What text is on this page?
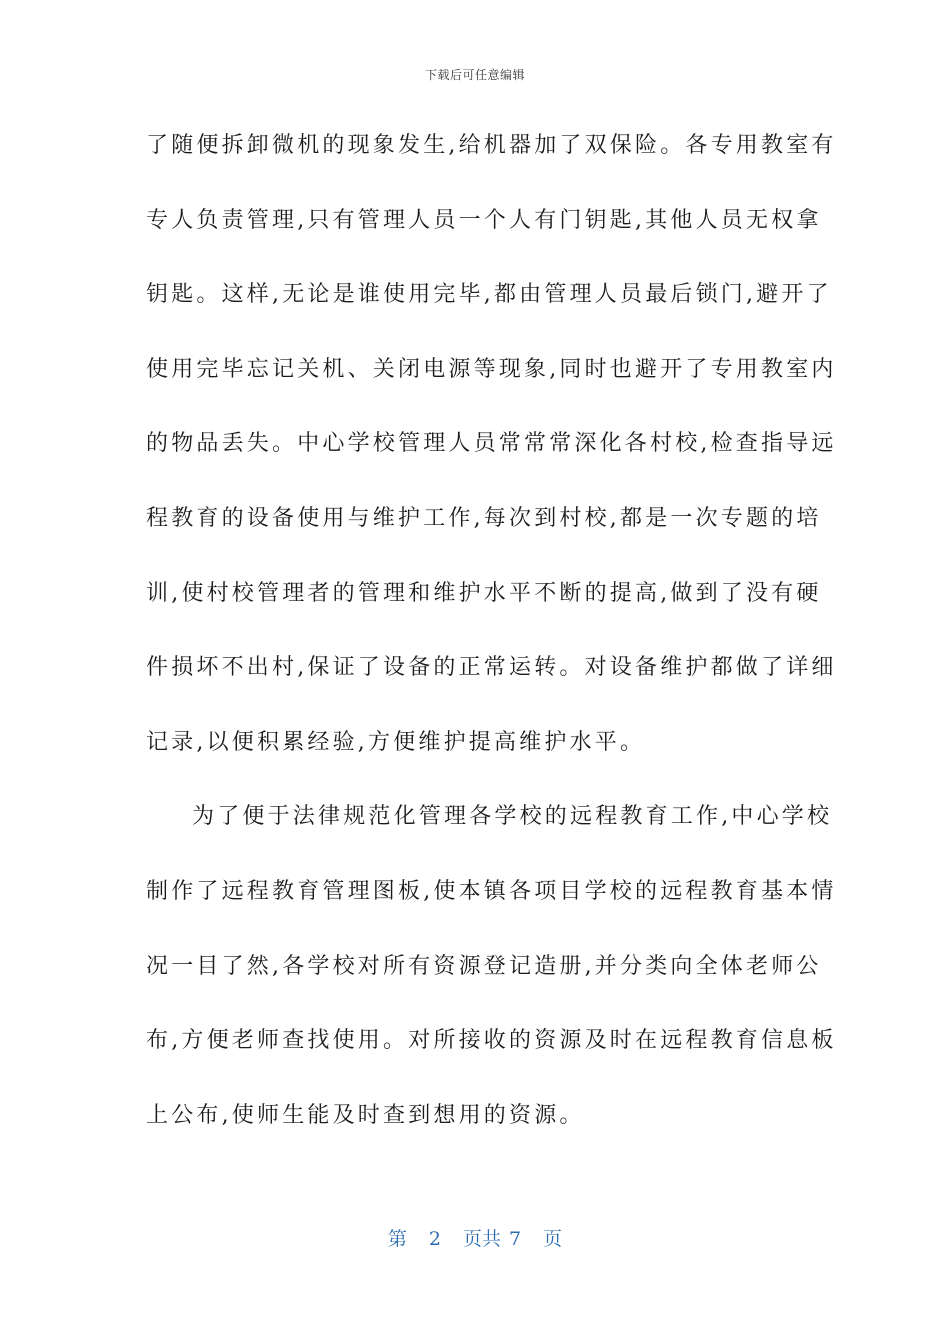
下载后可任意编辑
了随便拆卸微机的现象发生,给机器加了双保险。各专用教室有
专人负责管理,只有管理人员一个人有门钥匙,其他人员无权拿
钥匙。这样,无论是谁使用完毕,都由管理人员最后锁门,避开了
使用完毕忘记关机、关闭电源等现象,同时也避开了专用教室内
的物品丢失。中心学校管理人员常常常深化各村校,检查指导远
程教育的设备使用与维护工作,每次到村校,都是一次专题的培
训,使村校管理者的管理和维护水平不断的提高,做到了没有硬
件损坏不出村,保证了设备的正常运转。对设备维护都做了详细
记录,以便积累经验,方便维护提高维护水平。
为了便于法律规范化管理各学校的远程教育工作,中心学校
制作了远程教育管理图板,使本镇各项目学校的远程教育基本情
况一目了然,各学校对所有资源登记造册,并分类向全体老师公
布,方便老师查找使用。对所接收的资源及时在远程教育信息板
上公布,使师生能及时查到想用的资源。
第 2 页共 7 页
